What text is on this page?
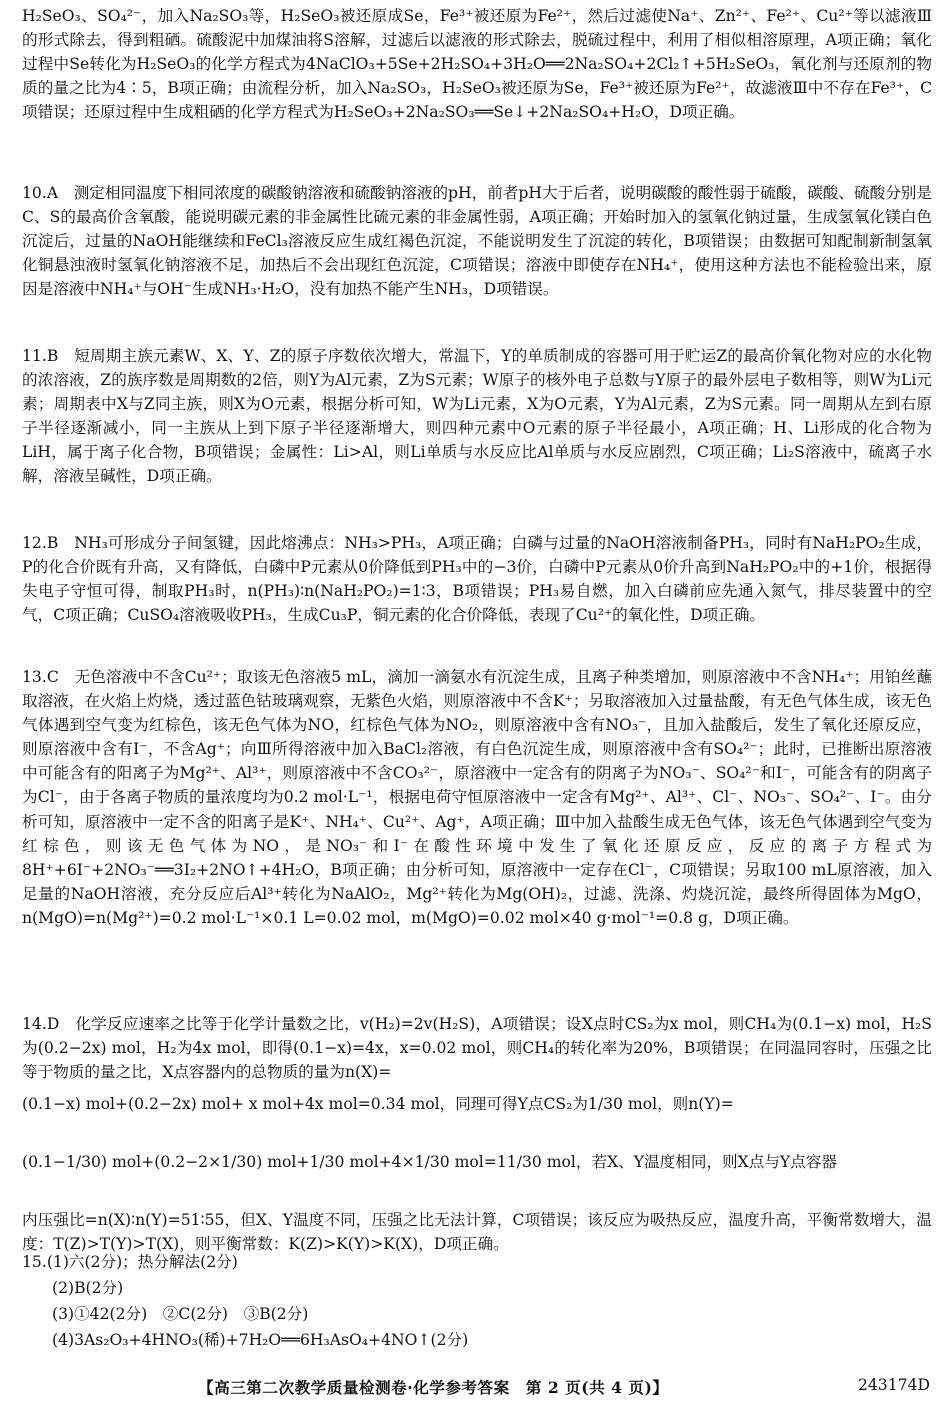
H₂SeO₃、SO₄²⁻，加入Na₂SO₃等，H₂SeO₃被还原成Se，Fe³⁺被还原为Fe²⁺，然后过滤使Na⁺、Zn²⁺、Fe²⁺、Cu²⁺等以滤液Ⅲ的形式除去，得到粗硒。硫酸泥中加煤油将S溶解，过滤后以滤液的形式除去，脱硫过程中，利用了相似相溶原理，A项正确；氧化过程中Se转化为H₂SeO₃的化学方程式为4NaClO₃+5Se+2H₂SO₄+3H₂O══2Na₂SO₄+2Cl₂↑+5H₂SeO₃，氧化剂与还原剂的物质的量之比为4∶5，B项正确；由流程分析，加入Na₂SO₃，H₂SeO₃被还原为Se，Fe³⁺被还原为Fe²⁺，故滤液Ⅲ中不存在Fe³⁺，C项错误；还原过程中生成粗硒的化学方程式为H₂SeO₃+2Na₂SO₃══Se↓+2Na₂SO₄+H₂O，D项正确。

10.A　 测定相同温度下相同浓度的碳酸钠溶液和硫酸钠溶液的pH，前者pH大于后者，说明碳酸的酸性弱于硫酸，碳酸、硫酸分别是C、S的最高价含氧酸，能说明碳元素的非金属性比硫元素的非金属性弱，A项正确；开始时加入的氢氧化钠过量，生成氢氧化镁白色沉淀后，过量的NaOH能继续和FeCl₃溶液反应生成红褐色沉淀，不能说明发生了沉淀的转化，B项错误；由数据可知配制新制氢氧化铜悬浊液时氢氧化钠溶液不足，加热后不会出现红色沉淀，C项错误；溶液中即使存在NH₄⁺，使用这种方法也不能检验出来，原因是溶液中NH₄⁺与OH⁻生成NH₃·H₂O，没有加热不能产生NH₃，D项错误。

11.B　 短周期主族元素W、X、Y、Z的原子序数依次增大，常温下，Y的单质制成的容器可用于贮运Z的最高价氧化物对应的水化物的浓溶液，Z的族序数是周期数的2倍，则Y为Al元素，Z为S元素；W原子的核外电子总数与Y原子的最外层电子数相等，则W为Li元素；周期表中X与Z同主族，则X为O元素，根据分析可知，W为Li元素，X为O元素，Y为Al元素，Z为S元素。同一周期从左到右原子半径逐渐减小，同一主族从上到下原子半径逐渐增大，则四种元素中O元素的原子半径最小，A项正确；H、Li形成的化合物为LiH，属于离子化合物，B项错误；金属性：Li>Al，则Li单质与水反应比Al单质与水反应剧烈，C项正确；Li₂S溶液中，硫离子水解，溶液呈碱性，D项正确。

12.B　 NH₃可形成分子间氢键，因此熔沸点：NH₃>PH₃，A项正确；白磷与过量的NaOH溶液制备PH₃，同时有NaH₂PO₂生成，P的化合价既有升高，又有降低，白磷中P元素从0价降低到PH₃中的−3价，白磷中P元素从0价升高到NaH₂PO₂中的+1价，根据得失电子守恒可得，制取PH₃时，n(PH₃)∶n(NaH₂PO₂)=1∶3，B项错误；PH₃易自燃，加入白磷前应先通入氮气，排尽装置中的空气，C项正确；CuSO₄溶液吸收PH₃，生成Cu₃P，铜元素的化合价降低，表现了Cu²⁺的氧化性，D项正确。

13.C　 无色溶液中不含Cu²⁺；取该无色溶液5 mL，滴加一滴氨水有沉淀生成，且离子种类增加，则原溶液中不含NH₄⁺；用铂丝蘸取溶液，在火焰上灼烧，透过蓝色钴玻璃观察，无紫色火焰，则原溶液中不含K⁺；另取溶液加入过量盐酸，有无色气体生成，该无色气体遇到空气变为红棕色，该无色气体为NO，红棕色气体为NO₂，则原溶液中含有NO₃⁻，且加入盐酸后，发生了氧化还原反应，则原溶液中含有I⁻，不含Ag⁺；向Ⅲ所得溶液中加入BaCl₂溶液，有白色沉淀生成，则原溶液中含有SO₄²⁻；此时，已推断出原溶液中可能含有的阳离子为Mg²⁺、Al³⁺，则原溶液中不含CO₃²⁻，原溶液中一定含有的阴离子为NO₃⁻、SO₄²⁻和I⁻，可能含有的阴离子为Cl⁻，由于各离子物质的量浓度均为0.2 mol·L⁻¹，根据电荷守恒原溶液中一定含有Mg²⁺、Al³⁺、Cl⁻、NO₃⁻、SO₄²⁻、I⁻。由分析可知，原溶液中一定不含的阳离子是K⁺、NH₄⁺、Cu²⁺、Ag⁺，A项正确；Ⅲ中加入盐酸生成无色气体，该无色气体遇到空气变为红棕色，则该无色气体为NO，是NO₃⁻和I⁻在酸性环境中发生了氧化还原反应，反应的离子方程式为8H⁺+6I⁻+2NO₃⁻══3I₂+2NO↑+4H₂O，B项正确；由分析可知，原溶液中一定存在Cl⁻，C项错误；另取100 mL原溶液，加入足量的NaOH溶液，充分反应后Al³⁺转化为NaAlO₂，Mg²⁺转化为Mg(OH)₂，过滤、洗涤、灼烧沉淀，最终所得固体为MgO，n(MgO)=n(Mg²⁺)=0.2 mol·L⁻¹×0.1 L=0.02 mol，m(MgO)=0.02 mol×40 g·mol⁻¹=0.8 g，D项正确。

14.D　 化学反应速率之比等于化学计量数之比，v(H₂)=2v(H₂S)，A项错误；设X点时CS₂为x mol，则CH₄为(0.1−x) mol，H₂S为(0.2−2x) mol，H₂为4x mol，即得(0.1−x)=4x，x=0.02 mol，则CH₄的转化率为20%，B项错误；在同温同容时，压强之比等于物质的量之比，X点容器内的总物质的量为n(X)=

(0.1−x) mol+(0.2−2x) mol+ x mol+4x mol=0.34 mol，同理可得Y点CS₂为1/30 mol，则n(Y)=

(0.1−1/30) mol+(0.2−2×1/30) mol+1/30 mol+4×1/30 mol=11/30 mol，若X、Y温度相同，则X点与Y点容器

内压强比=n(X)∶n(Y)=51∶55，但X、Y温度不同，压强之比无法计算，C项错误；该反应为吸热反应，温度升高，平衡常数增大，温度：T(Z)>T(Y)>T(X)，则平衡常数：K(Z)>K(Y)>K(X)，D项正确。

15.(1)六(2分)；热分解法(2分)
(2)B(2分)
(3)①42(2分)　②C(2分)　③B(2分)
(4)3As₂O₃+4HNO₃(稀)+7H₂O══6H₃AsO₄+4NO↑(2分)
【高三第二次教学质量检测卷·化学参考答案　第 2 页(共 4 页)】	243174D
